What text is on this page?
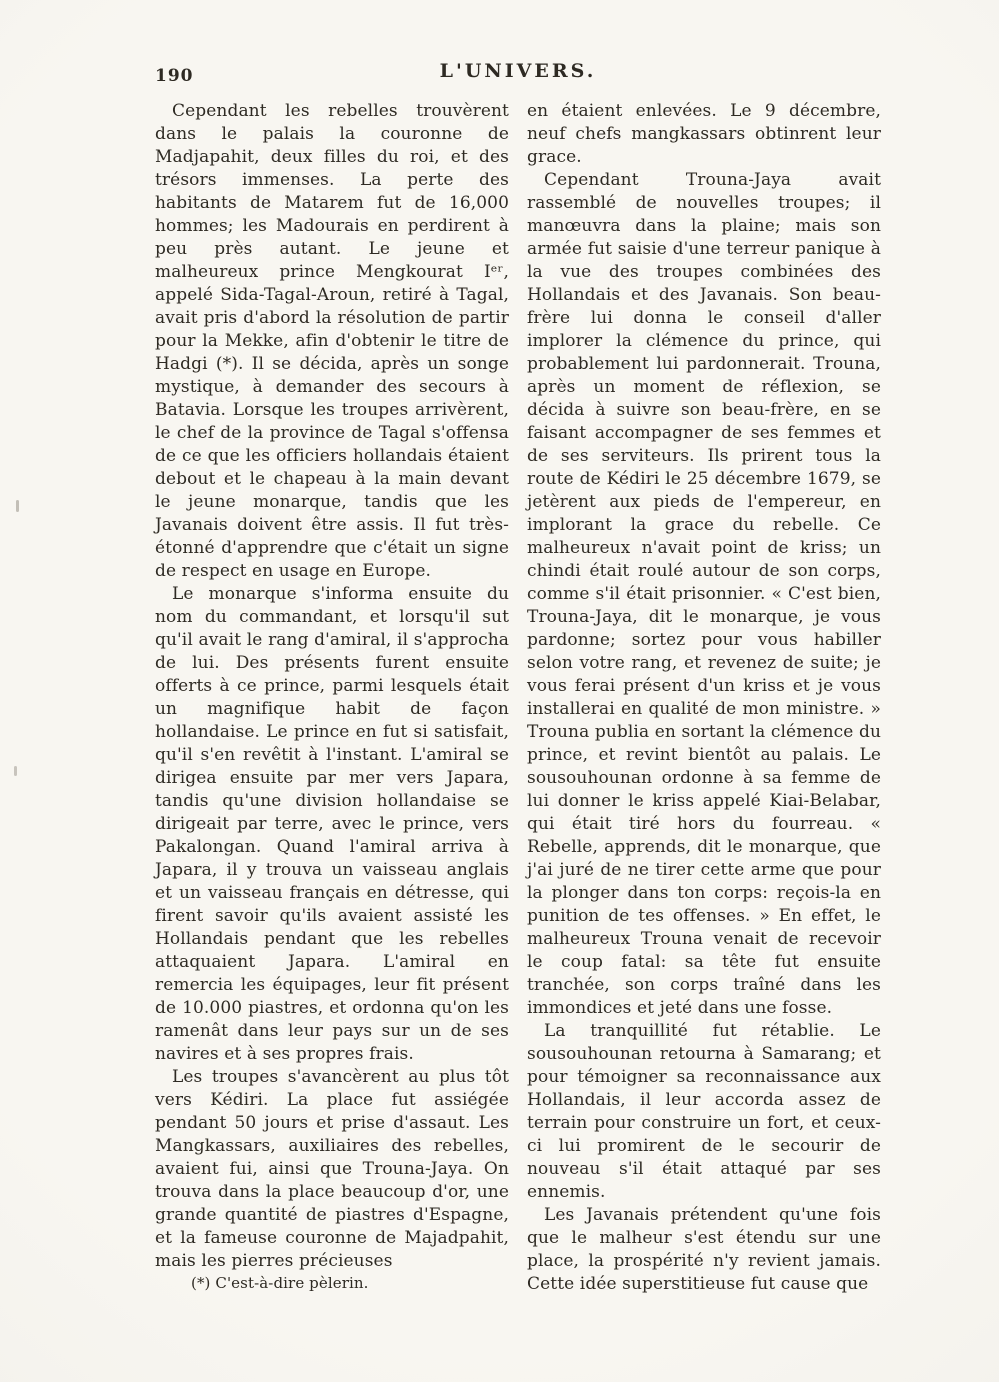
190	L'UNIVERS.

Cependant les rebelles trouvèrent dans le palais la couronne de Madjapahit, deux filles du roi, et des trésors immenses. La perte des habitants de Matarem fut de 16,000 hommes; les Madourais en perdirent à peu près autant. Le jeune et malheureux prince Mengkourat Iᵉʳ, appelé Sida-Tagal-Aroun, retiré à Tagal, avait pris d'abord la résolution de partir pour la Mekke, afin d'obtenir le titre de Hadgi (*). Il se décida, après un songe mystique, à demander des secours à Batavia. Lorsque les troupes arrivèrent, le chef de la province de Tagal s'offensa de ce que les officiers hollandais étaient debout et le chapeau à la main devant le jeune monarque, tandis que les Javanais doivent être assis. Il fut très-étonné d'apprendre que c'était un signe de respect en usage en Europe.

Le monarque s'informa ensuite du nom du commandant, et lorsqu'il sut qu'il avait le rang d'amiral, il s'approcha de lui. Des présents furent ensuite offerts à ce prince, parmi lesquels était un magnifique habit de façon hollandaise. Le prince en fut si satisfait, qu'il s'en revêtit à l'instant. L'amiral se dirigea ensuite par mer vers Japara, tandis qu'une division hollandaise se dirigeait par terre, avec le prince, vers Pakalongan. Quand l'amiral arriva à Japara, il y trouva un vaisseau anglais et un vaisseau français en détresse, qui firent savoir qu'ils avaient assisté les Hollandais pendant que les rebelles attaquaient Japara. L'amiral en remercia les équipages, leur fit présent de 10.000 piastres, et ordonna qu'on les ramenât dans leur pays sur un de ses navires et à ses propres frais.

Les troupes s'avancèrent au plus tôt vers Kédiri. La place fut assiégée pendant 50 jours et prise d'assaut. Les Mangkassars, auxiliaires des rebelles, avaient fui, ainsi que Trouna-Jaya. On trouva dans la place beaucoup d'or, une grande quantité de piastres d'Espagne, et la fameuse couronne de Majadpahit, mais les pierres précieuses

(*) C'est-à-dire pèlerin.

en étaient enlevées. Le 9 décembre, neuf chefs mangkassars obtinrent leur grace.

Cependant Trouna-Jaya avait rassemblé de nouvelles troupes; il manœuvra dans la plaine; mais son armée fut saisie d'une terreur panique à la vue des troupes combinées des Hollandais et des Javanais. Son beau-frère lui donna le conseil d'aller implorer la clémence du prince, qui probablement lui pardonnerait. Trouna, après un moment de réflexion, se décida à suivre son beau-frère, en se faisant accompagner de ses femmes et de ses serviteurs. Ils prirent tous la route de Kédiri le 25 décembre 1679, se jetèrent aux pieds de l'empereur, en implorant la grace du rebelle. Ce malheureux n'avait point de kriss; un chindi était roulé autour de son corps, comme s'il était prisonnier. « C'est bien, Trouna-Jaya, dit le monarque, je vous pardonne; sortez pour vous habiller selon votre rang, et revenez de suite; je vous ferai présent d'un kriss et je vous installerai en qualité de mon ministre. » Trouna publia en sortant la clémence du prince, et revint bientôt au palais. Le sousouhounan ordonne à sa femme de lui donner le kriss appelé Kiai-Belabar, qui était tiré hors du fourreau. « Rebelle, apprends, dit le monarque, que j'ai juré de ne tirer cette arme que pour la plonger dans ton corps: reçois-la en punition de tes offenses. » En effet, le malheureux Trouna venait de recevoir le coup fatal: sa tête fut ensuite tranchée, son corps traîné dans les immondices et jeté dans une fosse.

La tranquillité fut rétablie. Le sousouhounan retourna à Samarang; et pour témoigner sa reconnaissance aux Hollandais, il leur accorda assez de terrain pour construire un fort, et ceux-ci lui promirent de le secourir de nouveau s'il était attaqué par ses ennemis.

Les Javanais prétendent qu'une fois que le malheur s'est étendu sur une place, la prospérité n'y revient jamais. Cette idée superstitieuse fut cause que
